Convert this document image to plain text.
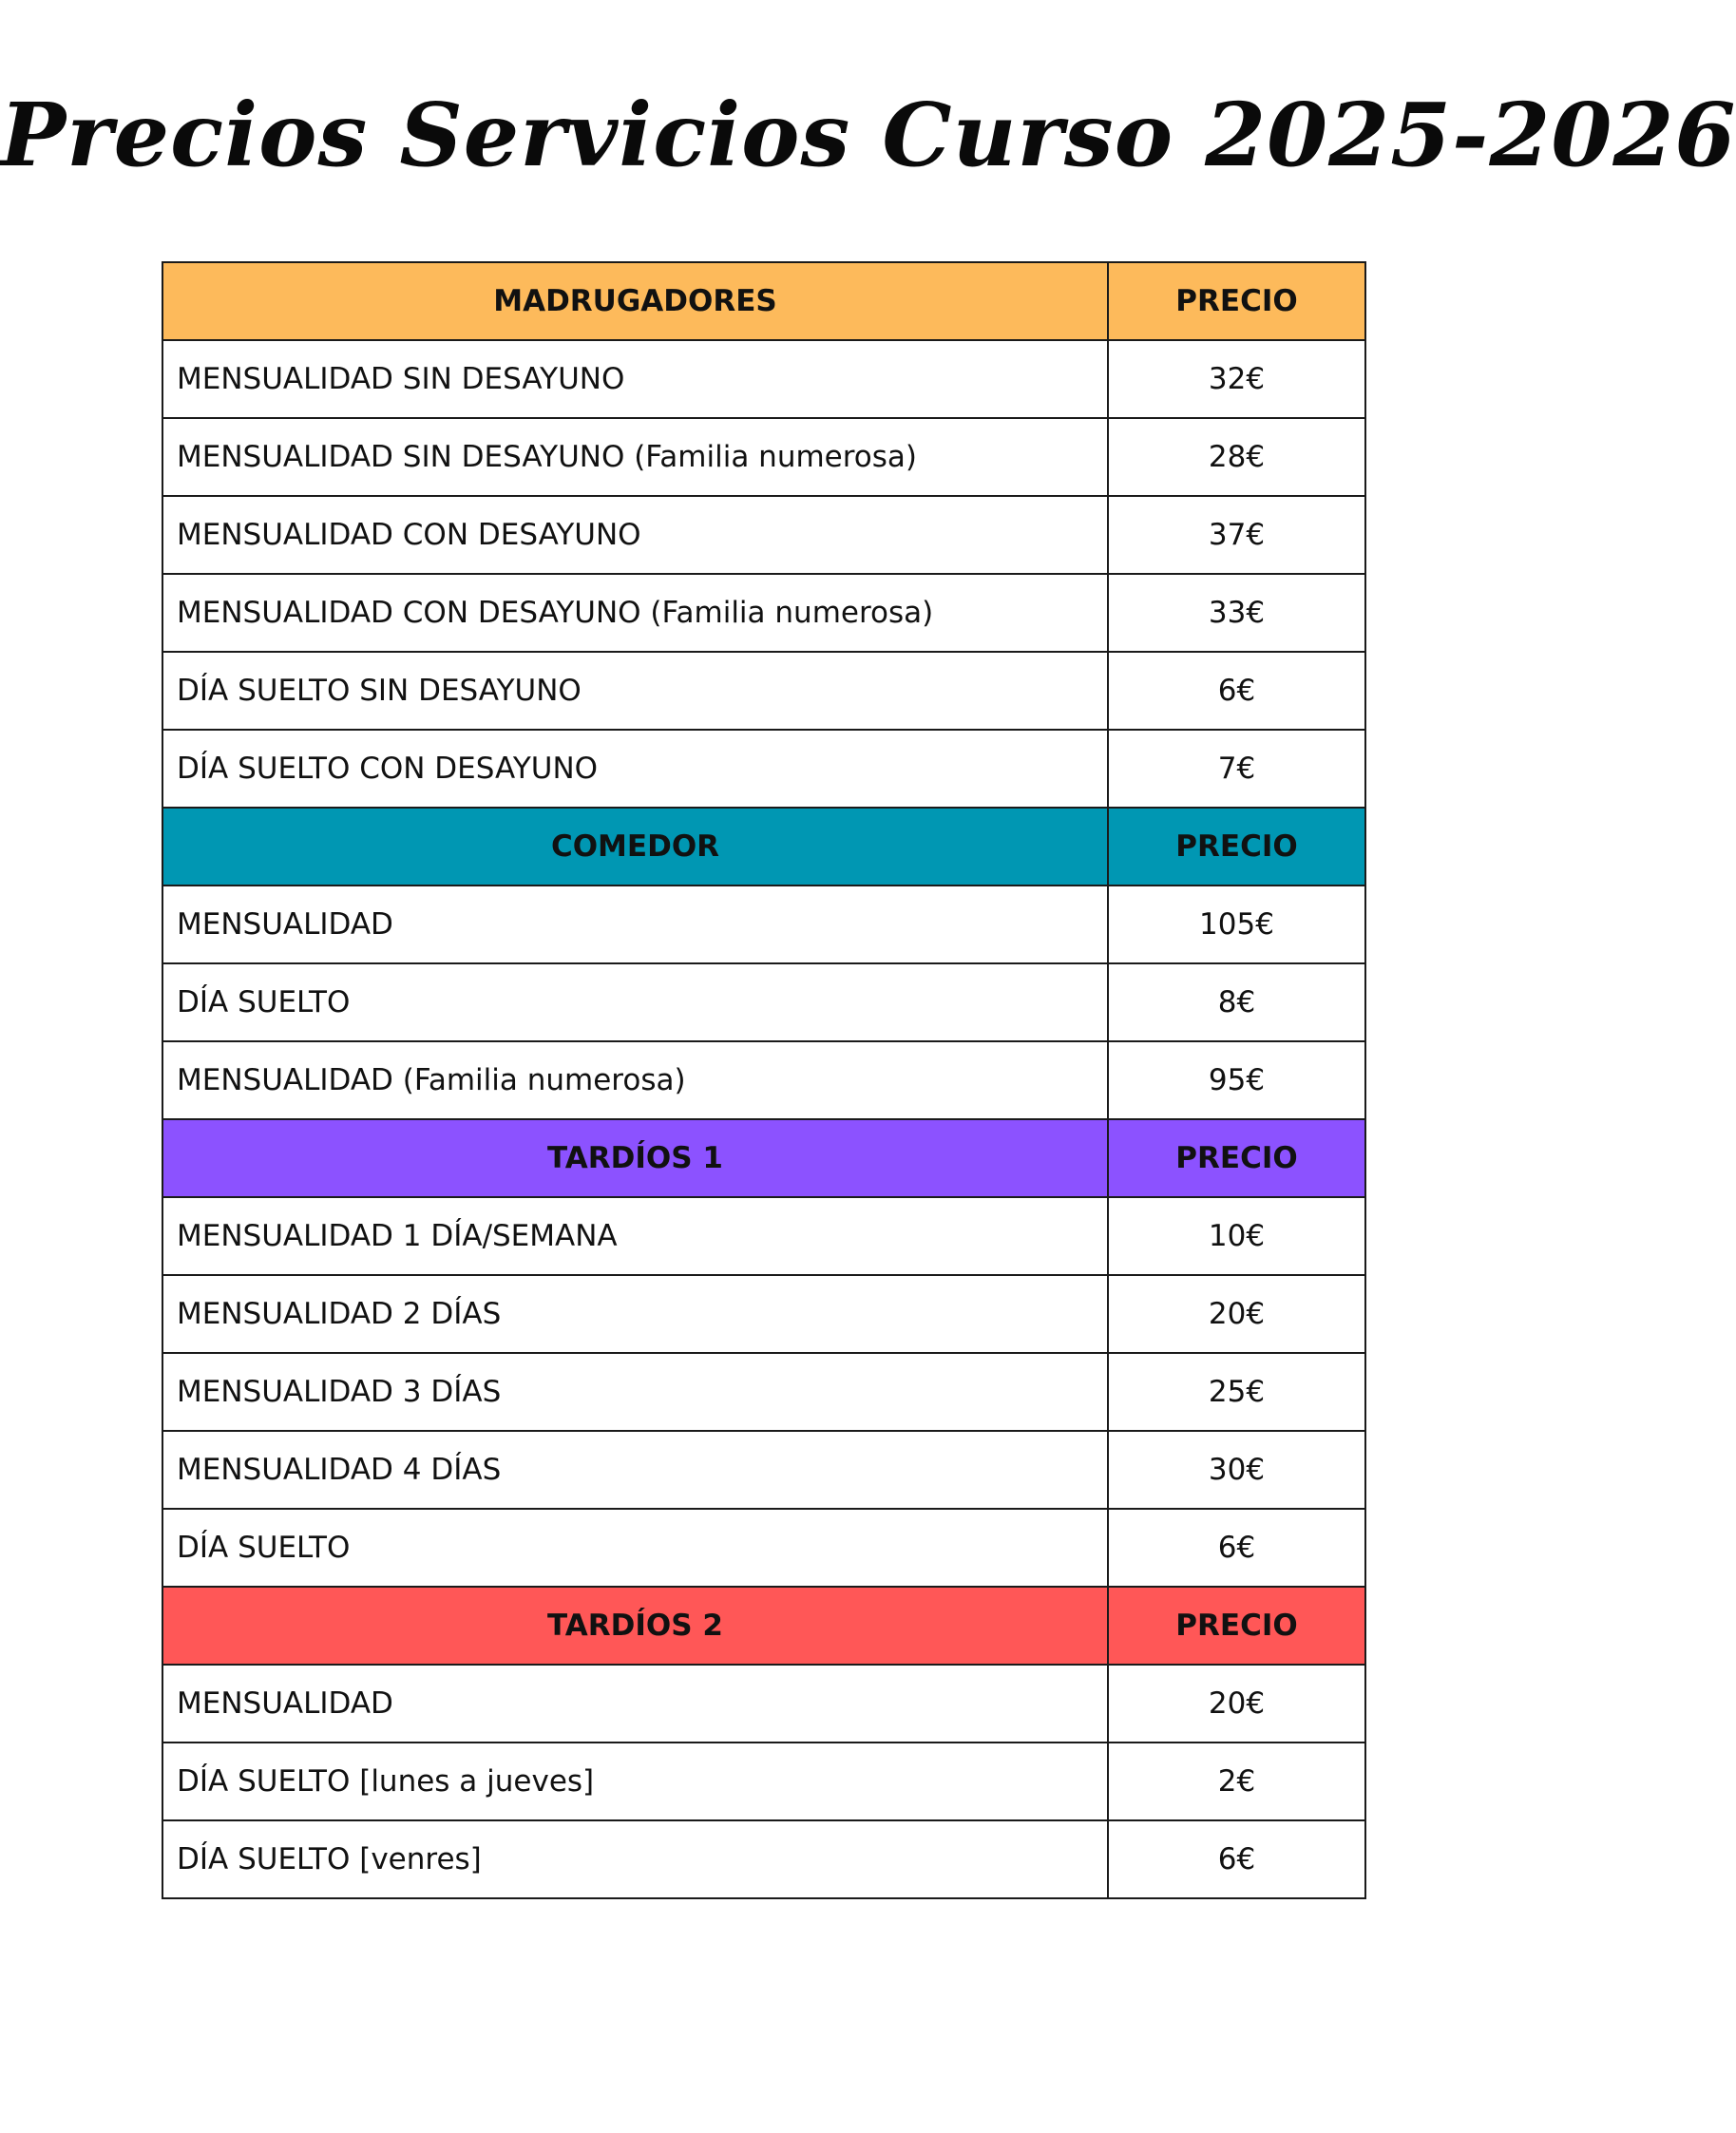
Precios Servicios Curso 2025-2026
MADRUGADORES	PRECIO
MENSUALIDAD SIN DESAYUNO	32€
MENSUALIDAD SIN DESAYUNO (Familia numerosa)	28€
MENSUALIDAD CON DESAYUNO	37€
MENSUALIDAD CON DESAYUNO (Familia numerosa)	33€
DÍA SUELTO SIN DESAYUNO	6€
DÍA SUELTO CON DESAYUNO	7€
COMEDOR	PRECIO
MENSUALIDAD	105€
DÍA SUELTO	8€
MENSUALIDAD (Familia numerosa)	95€
TARDÍOS 1	PRECIO
MENSUALIDAD 1 DÍA/SEMANA	10€
MENSUALIDAD 2 DÍAS	20€
MENSUALIDAD 3 DÍAS	25€
MENSUALIDAD 4 DÍAS	30€
DÍA SUELTO	6€
TARDÍOS 2	PRECIO
MENSUALIDAD	20€
DÍA SUELTO [lunes a jueves]	2€
DÍA SUELTO [venres]	6€
